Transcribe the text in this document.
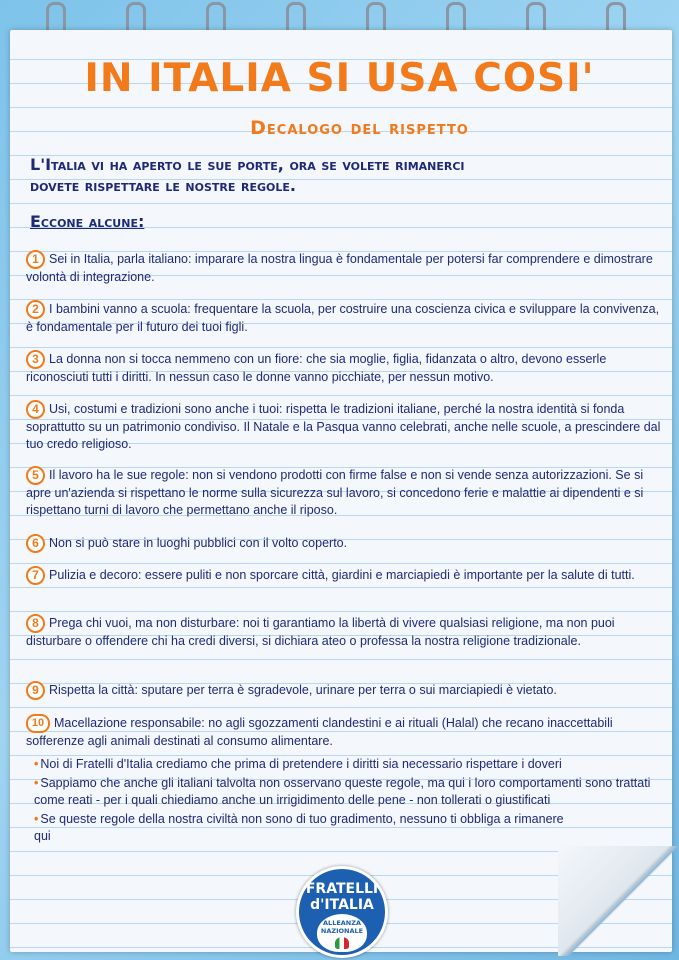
IN ITALIA SI USA COSI'
Decalogo del rispetto
L'Italia vi ha aperto le sue porte, ora se volete rimanerci
dovete rispettare le nostre regole.
Eccone alcune:
1 Sei in Italia, parla italiano: imparare la nostra lingua è fondamentale per potersi far comprendere e dimostrare volontà di integrazione.
2 I bambini vanno a scuola: frequentare la scuola, per costruire una coscienza civica e sviluppare la convivenza, è fondamentale per il futuro dei tuoi figli.
3 La donna non si tocca nemmeno con un fiore: che sia moglie, figlia, fidanzata o altro, devono esserle riconosciuti tutti i diritti. In nessun caso le donne vanno picchiate, per nessun motivo.
4 Usi, costumi e tradizioni sono anche i tuoi: rispetta le tradizioni italiane, perché la nostra identità si fonda soprattutto su un patrimonio condiviso. Il Natale e la Pasqua vanno celebrati, anche nelle scuole, a prescindere dal tuo credo religioso.
5 Il lavoro ha le sue regole: non si vendono prodotti con firme false e non si vende senza autorizzazioni. Se si apre un'azienda si rispettano le norme sulla sicurezza sul lavoro, si concedono ferie e malattie ai dipendenti e si rispettano turni di lavoro che permettano anche il riposo.
6 Non si può stare in luoghi pubblici con il volto coperto.
7 Pulizia e decoro: essere puliti e non sporcare città, giardini e marciapiedi è importante per la salute di tutti.
8 Prega chi vuoi, ma non disturbare: noi ti garantiamo la libertà di vivere qualsiasi religione, ma non puoi disturbare o offendere chi ha credi diversi, si dichiara ateo o professa la nostra religione tradizionale.
9 Rispetta la città: sputare per terra è sgradevole, urinare per terra o sui marciapiedi è vietato.
10 Macellazione responsabile: no agli sgozzamenti clandestini e ai rituali (Halal) che recano inaccettabili sofferenze agli animali destinati al consumo alimentare.
• Noi di Fratelli d'Italia crediamo che prima di pretendere i diritti sia necessario rispettare i doveri
• Sappiamo che anche gli italiani talvolta non osservano queste regole, ma qui i loro comportamenti sono trattati come reati - per i quali chiediamo anche un irrigidimento delle pene - non tollerati o giustificati
• Se queste regole della nostra civiltà non sono di tuo gradimento, nessuno ti obbliga a rimanere qui
FRATELLI
d'ITALIA
ALLEANZA NAZIONALE
